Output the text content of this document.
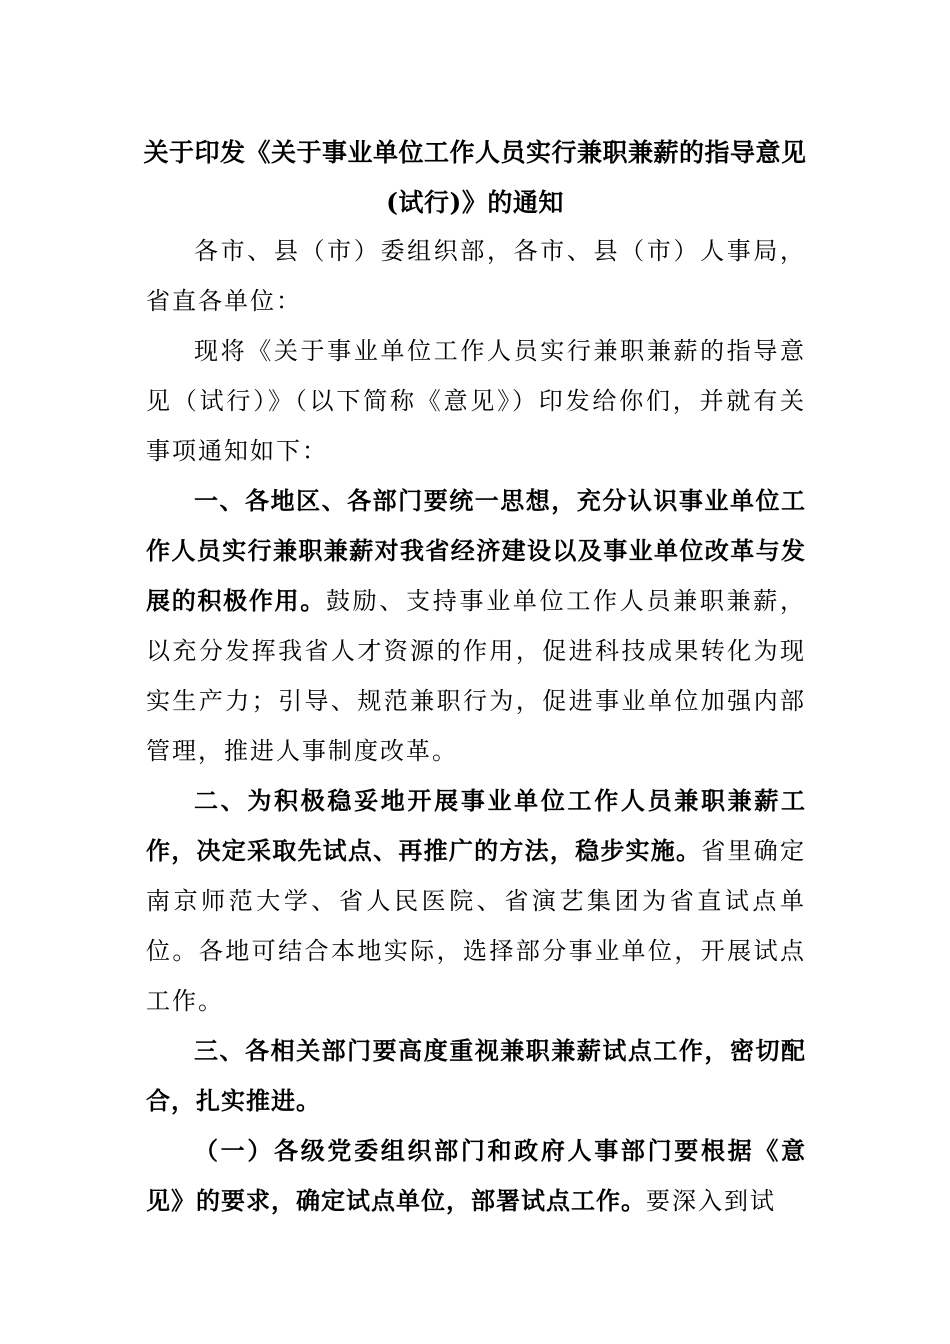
关于印发《关于事业单位工作人员实行兼职兼薪的指导意见(试行)》的通知

各市、县（市）委组织部，各市、县（市）人事局，省直各单位：

现将《关于事业单位工作人员实行兼职兼薪的指导意见（试行）》（以下简称《意见》）印发给你们，并就有关事项通知如下：

一、各地区、各部门要统一思想，充分认识事业单位工作人员实行兼职兼薪对我省经济建设以及事业单位改革与发展的积极作用。鼓励、支持事业单位工作人员兼职兼薪，以充分发挥我省人才资源的作用，促进科技成果转化为现实生产力；引导、规范兼职行为，促进事业单位加强内部管理，推进人事制度改革。

二、为积极稳妥地开展事业单位工作人员兼职兼薪工作，决定采取先试点、再推广的方法，稳步实施。省里确定南京师范大学、省人民医院、省演艺集团为省直试点单位。各地可结合本地实际，选择部分事业单位，开展试点工作。

三、各相关部门要高度重视兼职兼薪试点工作，密切配合，扎实推进。

（一）各级党委组织部门和政府人事部门要根据《意见》的要求，确定试点单位，部署试点工作。要深入到试
